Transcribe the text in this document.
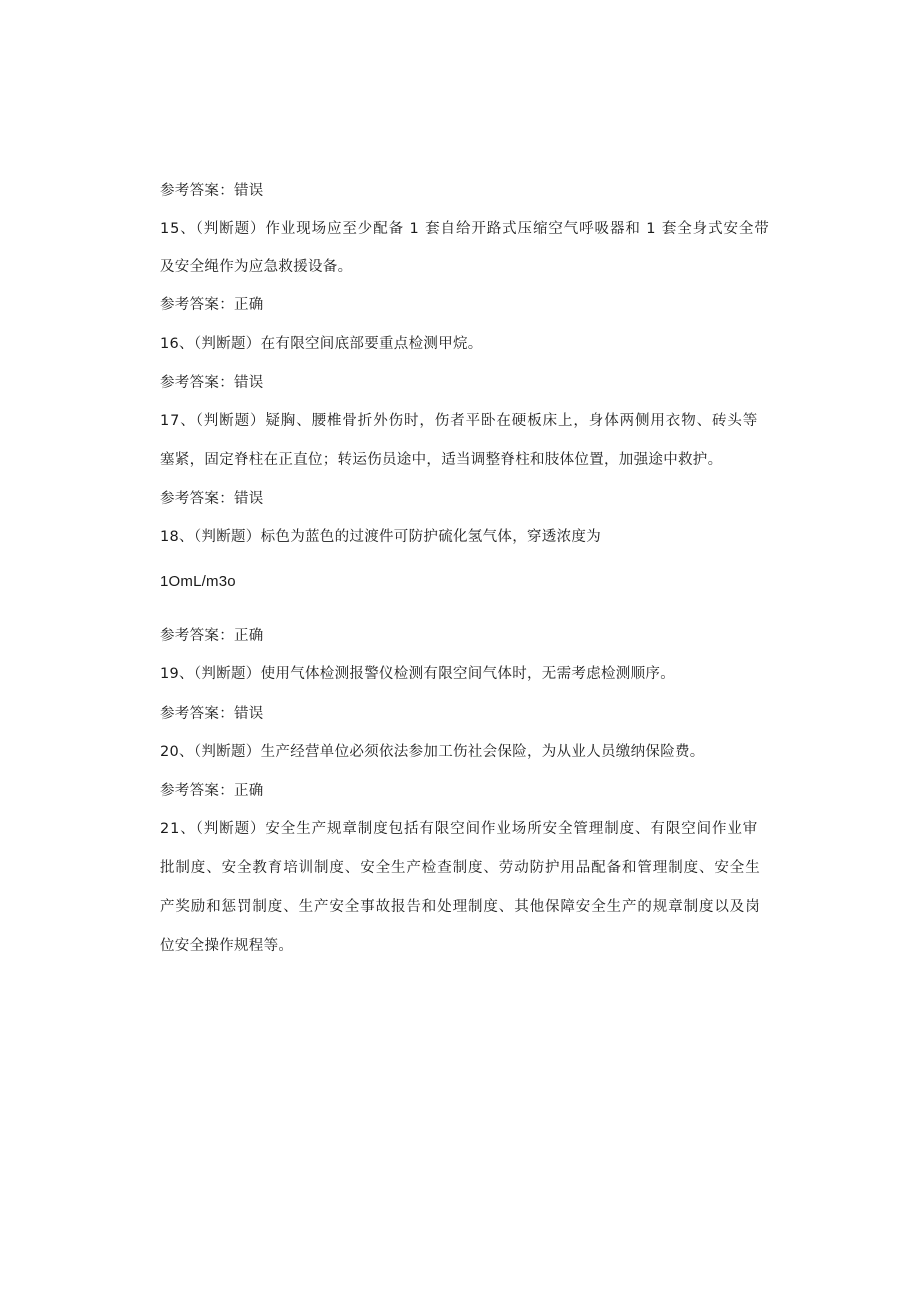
参考答案：错误
15、（判断题）作业现场应至少配备 1 套自给开路式压缩空气呼吸器和 1 套全身式安全带
及安全绳作为应急救援设备。
参考答案：正确
16、（判断题）在有限空间底部要重点检测甲烷。
参考答案：错误
17、（判断题）疑胸、腰椎骨折外伤时，伤者平卧在硬板床上，身体两侧用衣物、砖头等
塞紧，固定脊柱在正直位；转运伤员途中，适当调整脊柱和肢体位置，加强途中救护。
参考答案：错误
18、（判断题）标色为蓝色的过渡件可防护硫化氢气体，穿透浓度为
1OmL/m3o
参考答案：正确
19、（判断题）使用气体检测报警仪检测有限空间气体时，无需考虑检测顺序。
参考答案：错误
20、（判断题）生产经营单位必须依法参加工伤社会保险，为从业人员缴纳保险费。
参考答案：正确
21、（判断题）安全生产规章制度包括有限空间作业场所安全管理制度、有限空间作业审
批制度、安全教育培训制度、安全生产检查制度、劳动防护用品配备和管理制度、安全生
产奖励和惩罚制度、生产安全事故报告和处理制度、其他保障安全生产的规章制度以及岗
位安全操作规程等。
